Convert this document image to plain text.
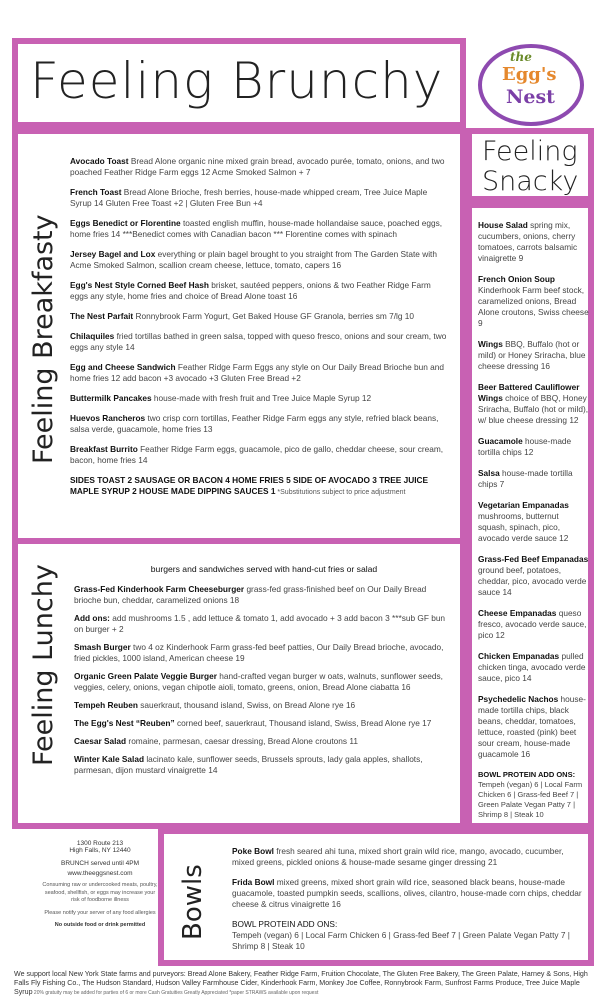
Feeling Brunchy	the
Egg's
Nest
Feeling Breakfasty
Avocado Toast Bread Alone organic nine mixed grain bread, avocado purée, tomato, onions, and two poached Feather Ridge Farm eggs 12 Acme Smoked Salmon + 7
French Toast Bread Alone Brioche, fresh berries, house-made whipped cream, Tree Juice Maple Syrup 14 Gluten Free Toast +2 | Gluten Free Bun +4
Eggs Benedict or Florentine toasted english muffin, house-made hollandaise sauce, poached eggs, home fries 14 ***Benedict comes with Canadian bacon *** Florentine comes with spinach
Jersey Bagel and Lox everything or plain bagel brought to you straight from The Garden State with Acme Smoked Salmon, scallion cream cheese, lettuce, tomato, capers 16
Egg's Nest Style Corned Beef Hash brisket, sautéed peppers, onions & two Feather Ridge Farm eggs any style, home fries and choice of Bread Alone toast 16
The Nest Parfait Ronnybrook Farm Yogurt, Get Baked House GF Granola, berries sm 7/lg 10
Chilaquiles fried tortillas bathed in green salsa, topped with queso fresco, onions and sour cream, two eggs any style 14
Egg and Cheese Sandwich Feather Ridge Farm Eggs any style on Our Daily Bread Brioche bun and home fries 12 add bacon +3 avocado +3 Gluten Free Bread +2
Buttermilk Pancakes house-made with fresh fruit and Tree Juice Maple Syrup 12
Huevos Rancheros two crisp corn tortillas, Feather Ridge Farm eggs any style, refried black beans, salsa verde, guacamole, home fries 13
Breakfast Burrito Feather Ridge Farm eggs, guacamole, pico de gallo, cheddar cheese, sour cream, bacon, home fries 14
SIDES TOAST 2 SAUSAGE OR BACON 4 HOME FRIES 5 SIDE OF AVOCADO 3 TREE JUICE MAPLE SYRUP 2 HOUSE MADE DIPPING SAUCES 1 *Substitutions subject to price adjustment
Feeling
Snacky
House Salad spring mix, cucumbers, onions, cherry tomatoes, carrots balsamic vinaigrette 9
French Onion Soup Kinderhook Farm beef stock, caramelized onions, Bread Alone croutons, Swiss cheese 9
Wings BBQ, Buffalo (hot or mild) or Honey Sriracha, blue cheese dressing 16
Beer Battered Cauliflower Wings choice of BBQ, Honey Sriracha, Buffalo (hot or mild), w/ blue cheese dressing 12
Guacamole house-made tortilla chips 12
Salsa house-made tortilla chips 7
Vegetarian Empanadas mushrooms, butternut squash, spinach, pico, avocado verde sauce 12
Grass-Fed Beef Empanadas ground beef, potatoes, cheddar, pico, avocado verde sauce 14
Cheese Empanadas queso fresco, avocado verde sauce, pico 12
Chicken Empanadas pulled chicken tinga, avocado verde sauce, pico 14
Psychedelic Nachos house-made tortilla chips, black beans, cheddar, tomatoes, lettuce, roasted (pink) beet sour cream, house-made guacamole 16
BOWL PROTEIN ADD ONS:
Tempeh (vegan) 6 | Local Farm Chicken 6 | Grass-fed Beef 7 | Green Palate Vegan Patty 7 | Shrimp 8 | Steak 10
Feeling Lunchy	burgers and sandwiches served with hand-cut fries or salad
Grass-Fed Kinderhook Farm Cheeseburger grass-fed grass-finished beef on Our Daily Bread brioche bun, cheddar, caramelized onions 18
Add ons: add mushrooms 1.5 , add lettuce & tomato 1, add avocado + 3 add bacon 3 ***sub GF bun on burger + 2
Smash Burger two 4 oz Kinderhook Farm grass-fed beef patties, Our Daily Bread brioche, avocado, fried pickles, 1000 island, American cheese 19
Organic Green Palate Veggie Burger hand-crafted vegan burger w oats, walnuts, sunflower seeds, veggies, celery, onions, vegan chipotle aioli, tomato, greens, onion, Bread Alone ciabatta 16
Tempeh Reuben sauerkraut, thousand island, Swiss, on Bread Alone rye 16
The Egg's Nest “Reuben” corned beef, sauerkraut, Thousand island, Swiss, Bread Alone rye 17
Caesar Salad romaine, parmesan, caesar dressing, Bread Alone croutons 11
Winter Kale Salad lacinato kale, sunflower seeds, Brussels sprouts, lady gala apples, shallots, parmesan, dijon mustard vinaigrette 14
1300 Route 213
High Falls, NY 12440
BRUNCH served until 4PM
www.theeggsnest.com
Consuming raw or undercooked meats, poultry, seafood, shellfish, or eggs may increase your risk of foodborne illness
Please notify your server of any food allergies
No outside food or drink permitted	Bowls
Poke Bowl fresh seared ahi tuna, mixed short grain wild rice, mango, avocado, cucumber, mixed greens, pickled onions & house-made sesame ginger dressing 21
Frida Bowl mixed greens, mixed short grain wild rice, seasoned black beans, house-made guacamole, toasted pumpkin seeds, scallions, olives, cilantro, house-made corn chips, cheddar cheese & citrus vinaigrette 16
BOWL PROTEIN ADD ONS:
Tempeh (vegan) 6 | Local Farm Chicken 6 | Grass-fed Beef 7 | Green Palate Vegan Patty 7 | Shrimp 8 | Steak 10
We support local New York State farms and purveyors: Bread Alone Bakery, Feather Ridge Farm, Fruition Chocolate, The Gluten Free Bakery, The Green Palate, Harney & Sons, High Falls Fly Fishing Co., The Hudson Standard, Hudson Valley Farmhouse Cider, Kinderhook Farm, Monkey Joe Coffee, Ronnybrook Farm, Sunfrost Farms Produce, Tree Juice Maple Syrup 20% gratuity may be added for parties of 6 or more Cash Gratuities Greatly Appreciated *paper STRAWS available upon request
